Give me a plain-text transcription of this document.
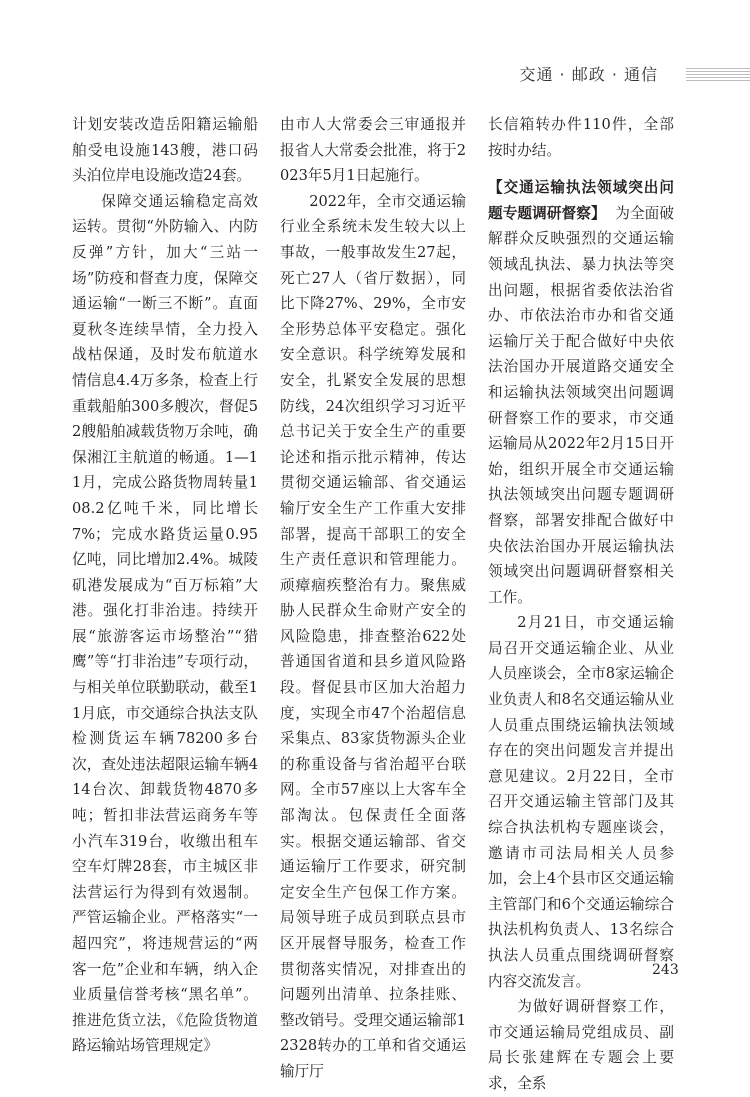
交通 · 邮政 · 通信

计划安装改造岳阳籍运输船舶受电设施143艘，港口码头泊位岸电设施改造24套。

保障交通运输稳定高效运转。贯彻“外防输入、内防反弹”方针，加大“三站一场”防疫和督查力度，保障交通运输“一断三不断”。直面夏秋冬连续旱情，全力投入战枯保通，及时发布航道水情信息4.4万多条，检查上行重载船舶300多艘次，督促52艘船舶减载货物万余吨，确保湘江主航道的畅通。1—11月，完成公路货物周转量108.2亿吨千米，同比增长7%；完成水路货运量0.95亿吨，同比增加2.4%。城陵矶港发展成为“百万标箱”大港。强化打非治违。持续开展“旅游客运市场整治”“猎鹰”等“打非治违”专项行动，与相关单位联勤联动，截至11月底，市交通综合执法支队检测货运车辆78200多台次，查处违法超限运输车辆414台次、卸载货物4870多吨；暂扣非法营运商务车等小汽车319台，收缴出租车空车灯牌28套，市主城区非法营运行为得到有效遏制。严管运输企业。严格落实“一超四究”，将违规营运的“两客一危”企业和车辆，纳入企业质量信誉考核“黑名单”。推进危货立法，《危险货物道路运输站场管理规定》

由市人大常委会三审通报并报省人大常委会批准，将于2023年5月1日起施行。

2022年，全市交通运输行业全系统未发生较大以上事故，一般事故发生27起，死亡27人（省厅数据），同比下降27%、29%，全市安全形势总体平安稳定。强化安全意识。科学统筹发展和安全，扎紧安全发展的思想防线，24次组织学习习近平总书记关于安全生产的重要论述和指示批示精神，传达贯彻交通运输部、省交通运输厅安全生产工作重大安排部署，提高干部职工的安全生产责任意识和管理能力。顽瘴痼疾整治有力。聚焦威胁人民群众生命财产安全的风险隐患，排查整治622处普通国省道和县乡道风险路段。督促县市区加大治超力度，实现全市47个治超信息采集点、83家货物源头企业的称重设备与省治超平台联网。全市57座以上大客车全部淘汰。包保责任全面落实。根据交通运输部、省交通运输厅工作要求，研究制定安全生产包保工作方案。局领导班子成员到联点县市区开展督导服务，检查工作贯彻落实情况，对排查出的问题列出清单、拉条挂账、整改销号。受理交通运输部12328转办的工单和省交通运输厅厅

长信箱转办件110件，全部按时办结。

【交通运输执法领域突出问题专题调研督察】 为全面破解群众反映强烈的交通运输领域乱执法、暴力执法等突出问题，根据省委依法治省办、市依法治市办和省交通运输厅关于配合做好中央依法治国办开展道路交通安全和运输执法领域突出问题调研督察工作的要求，市交通运输局从2022年2月15日开始，组织开展全市交通运输执法领域突出问题专题调研督察，部署安排配合做好中央依法治国办开展运输执法领域突出问题调研督察相关工作。

2月21日，市交通运输局召开交通运输企业、从业人员座谈会，全市8家运输企业负责人和8名交通运输从业人员重点围绕运输执法领域存在的突出问题发言并提出意见建议。2月22日，全市召开交通运输主管部门及其综合执法机构专题座谈会，邀请市司法局相关人员参加，会上4个县市区交通运输主管部门和6个交通运输综合执法机构负责人、13名综合执法人员重点围绕调研督察内容交流发言。

为做好调研督察工作，市交通运输局党组成员、副局长张建辉在专题会上要求，全系

243
